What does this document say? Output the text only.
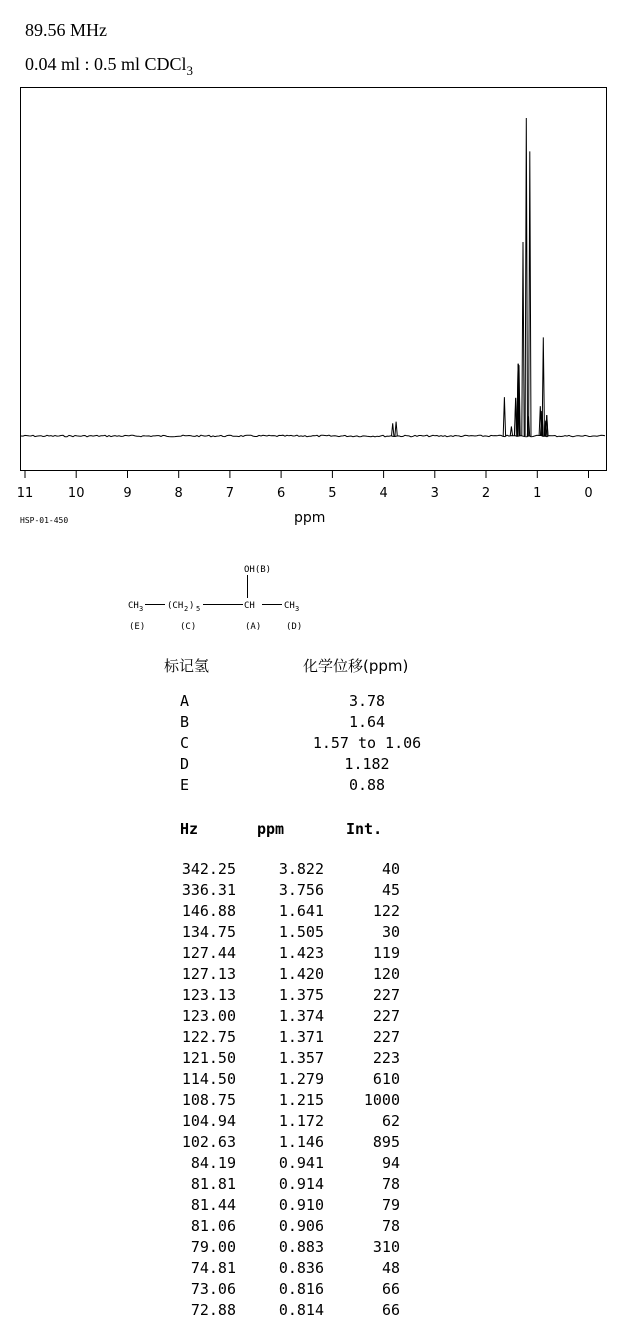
89.56 MHz
0.04 ml : 0.5 ml CDCl$_3$
11	10	9	8	7	6	5	4	3	2	1	0
HSP-01-450	ppm
OH(B)
CH 3	(CH 2 ) 5	CH	CH 3
(E)	(C)	(A)	(D)
标记氢	化学位移(ppm)
A	3.78
B	1.64
C	1.57 to 1.06
D	1.182
E	0.88
Hz	ppm	Int.
342.25	3.822	40
336.31	3.756	45
146.88	1.641	122
134.75	1.505	30
127.44	1.423	119
127.13	1.420	120
123.13	1.375	227
123.00	1.374	227
122.75	1.371	227
121.50	1.357	223
114.50	1.279	610
108.75	1.215	1000
104.94	1.172	62
102.63	1.146	895
84.19	0.941	94
81.81	0.914	78
81.44	0.910	79
81.06	0.906	78
79.00	0.883	310
74.81	0.836	48
73.06	0.816	66
72.88	0.814	66
